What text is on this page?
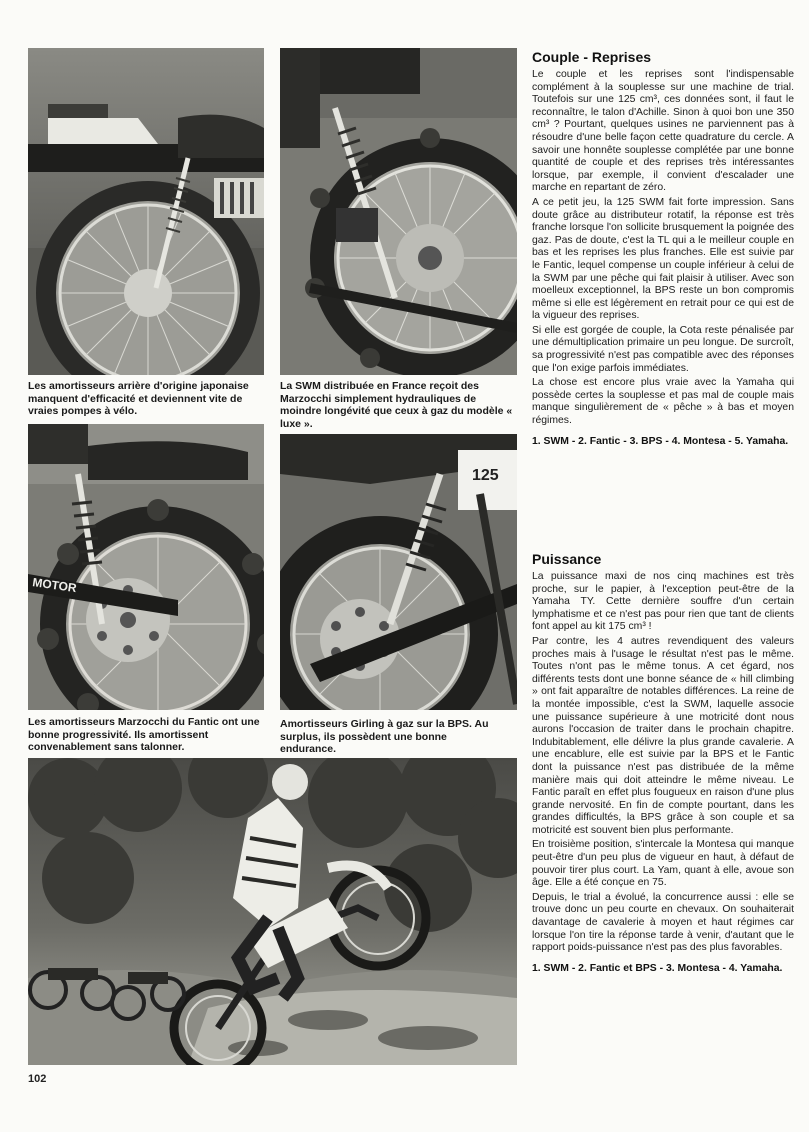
Les amortisseurs arrière d'origine japonaise manquent d'efficacité et deviennent vite de vraies pompes à vélo.
La SWM distribuée en France reçoit des Marzocchi simplement hydrauliques de moindre longévité que ceux à gaz du modèle « luxe ».
MOTOR
125
Les amortisseurs Marzocchi du Fantic ont une bonne progressivité. Ils amortissent convenablement sans talonner.
Amortisseurs Girling à gaz sur la BPS. Au surplus, ils possèdent une bonne endurance.
Couple - Reprises

Le couple et les reprises sont l'indispensable complément à la souplesse sur une machine de trial. Toutefois sur une 125 cm³, ces données sont, il faut le reconnaître, le talon d'Achille. Sinon à quoi bon une 350 cm³ ? Pourtant, quelques usines ne parviennent pas à résoudre d'une belle façon cette quadrature du cercle. A savoir une honnête souplesse complétée par une bonne quantité de couple et des reprises très intéressantes lorsque, par exemple, il convient d'escalader une marche en repartant de zéro.

A ce petit jeu, la 125 SWM fait forte impression. Sans doute grâce au distributeur rotatif, la réponse est très franche lorsque l'on sollicite brusquement la poignée des gaz. Pas de doute, c'est la TL qui a le meilleur couple en bas et les reprises les plus franches. Elle est suivie par le Fantic, lequel compense un couple inférieur à celui de la SWM par une pêche qui fait plaisir à utiliser. Avec son moelleux exceptionnel, la BPS reste un bon compromis même si elle est légèrement en retrait pour ce qui est de la vigueur des reprises.

Si elle est gorgée de couple, la Cota reste pénalisée par une démultiplication primaire un peu longue. De surcroît, sa progressivité n'est pas compatible avec des réponses que l'on exige parfois immédiates.

La chose est encore plus vraie avec la Yamaha qui possède certes la souplesse et pas mal de couple mais manque singulièrement de « pêche » à bas et moyen régimes.

1. SWM - 2. Fantic - 3. BPS - 4. Montesa - 5. Yamaha.
Puissance

La puissance maxi de nos cinq machines est très proche, sur le papier, à l'exception peut-être de la Yamaha TY. Cette dernière souffre d'un certain lymphatisme et ce n'est pas pour rien que tant de clients font appel au kit 175 cm³ !

Par contre, les 4 autres revendiquent des valeurs proches mais à l'usage le résultat n'est pas le même. Toutes n'ont pas le même tonus. A cet égard, nos différents tests dont une bonne séance de « hill climbing » ont fait apparaître de notables différences. La reine de la montée impossible, c'est la SWM, laquelle associe une puissance supérieure à une motricité dont nous aurons l'occasion de traiter dans le prochain chapitre. Indubitablement, elle délivre la plus grande cavalerie. A une encablure, elle est suivie par la BPS et le Fantic dont la puissance n'est pas distribuée de la même manière mais qui doit atteindre le même niveau. Le Fantic paraît en effet plus fougueux en raison d'une plus grande nervosité. En fin de compte pourtant, dans les grandes difficultés, la BPS grâce à son couple et sa motricité est souvent bien plus performante.

En troisième position, s'intercale la Montesa qui manque peut-être d'un peu plus de vigueur en haut, à défaut de pouvoir tirer plus court. La Yam, quant à elle, avoue son âge. Elle a été conçue en 75.

Depuis, le trial a évolué, la concurrence aussi : elle se trouve donc un peu courte en chevaux. On souhaiterait davantage de cavalerie à moyen et haut régimes car lorsque l'on tire la réponse tarde à venir, d'autant que le rapport poids-puissance n'est pas des plus favorables.

1. SWM - 2. Fantic et BPS - 3. Montesa - 4. Yamaha.
102
